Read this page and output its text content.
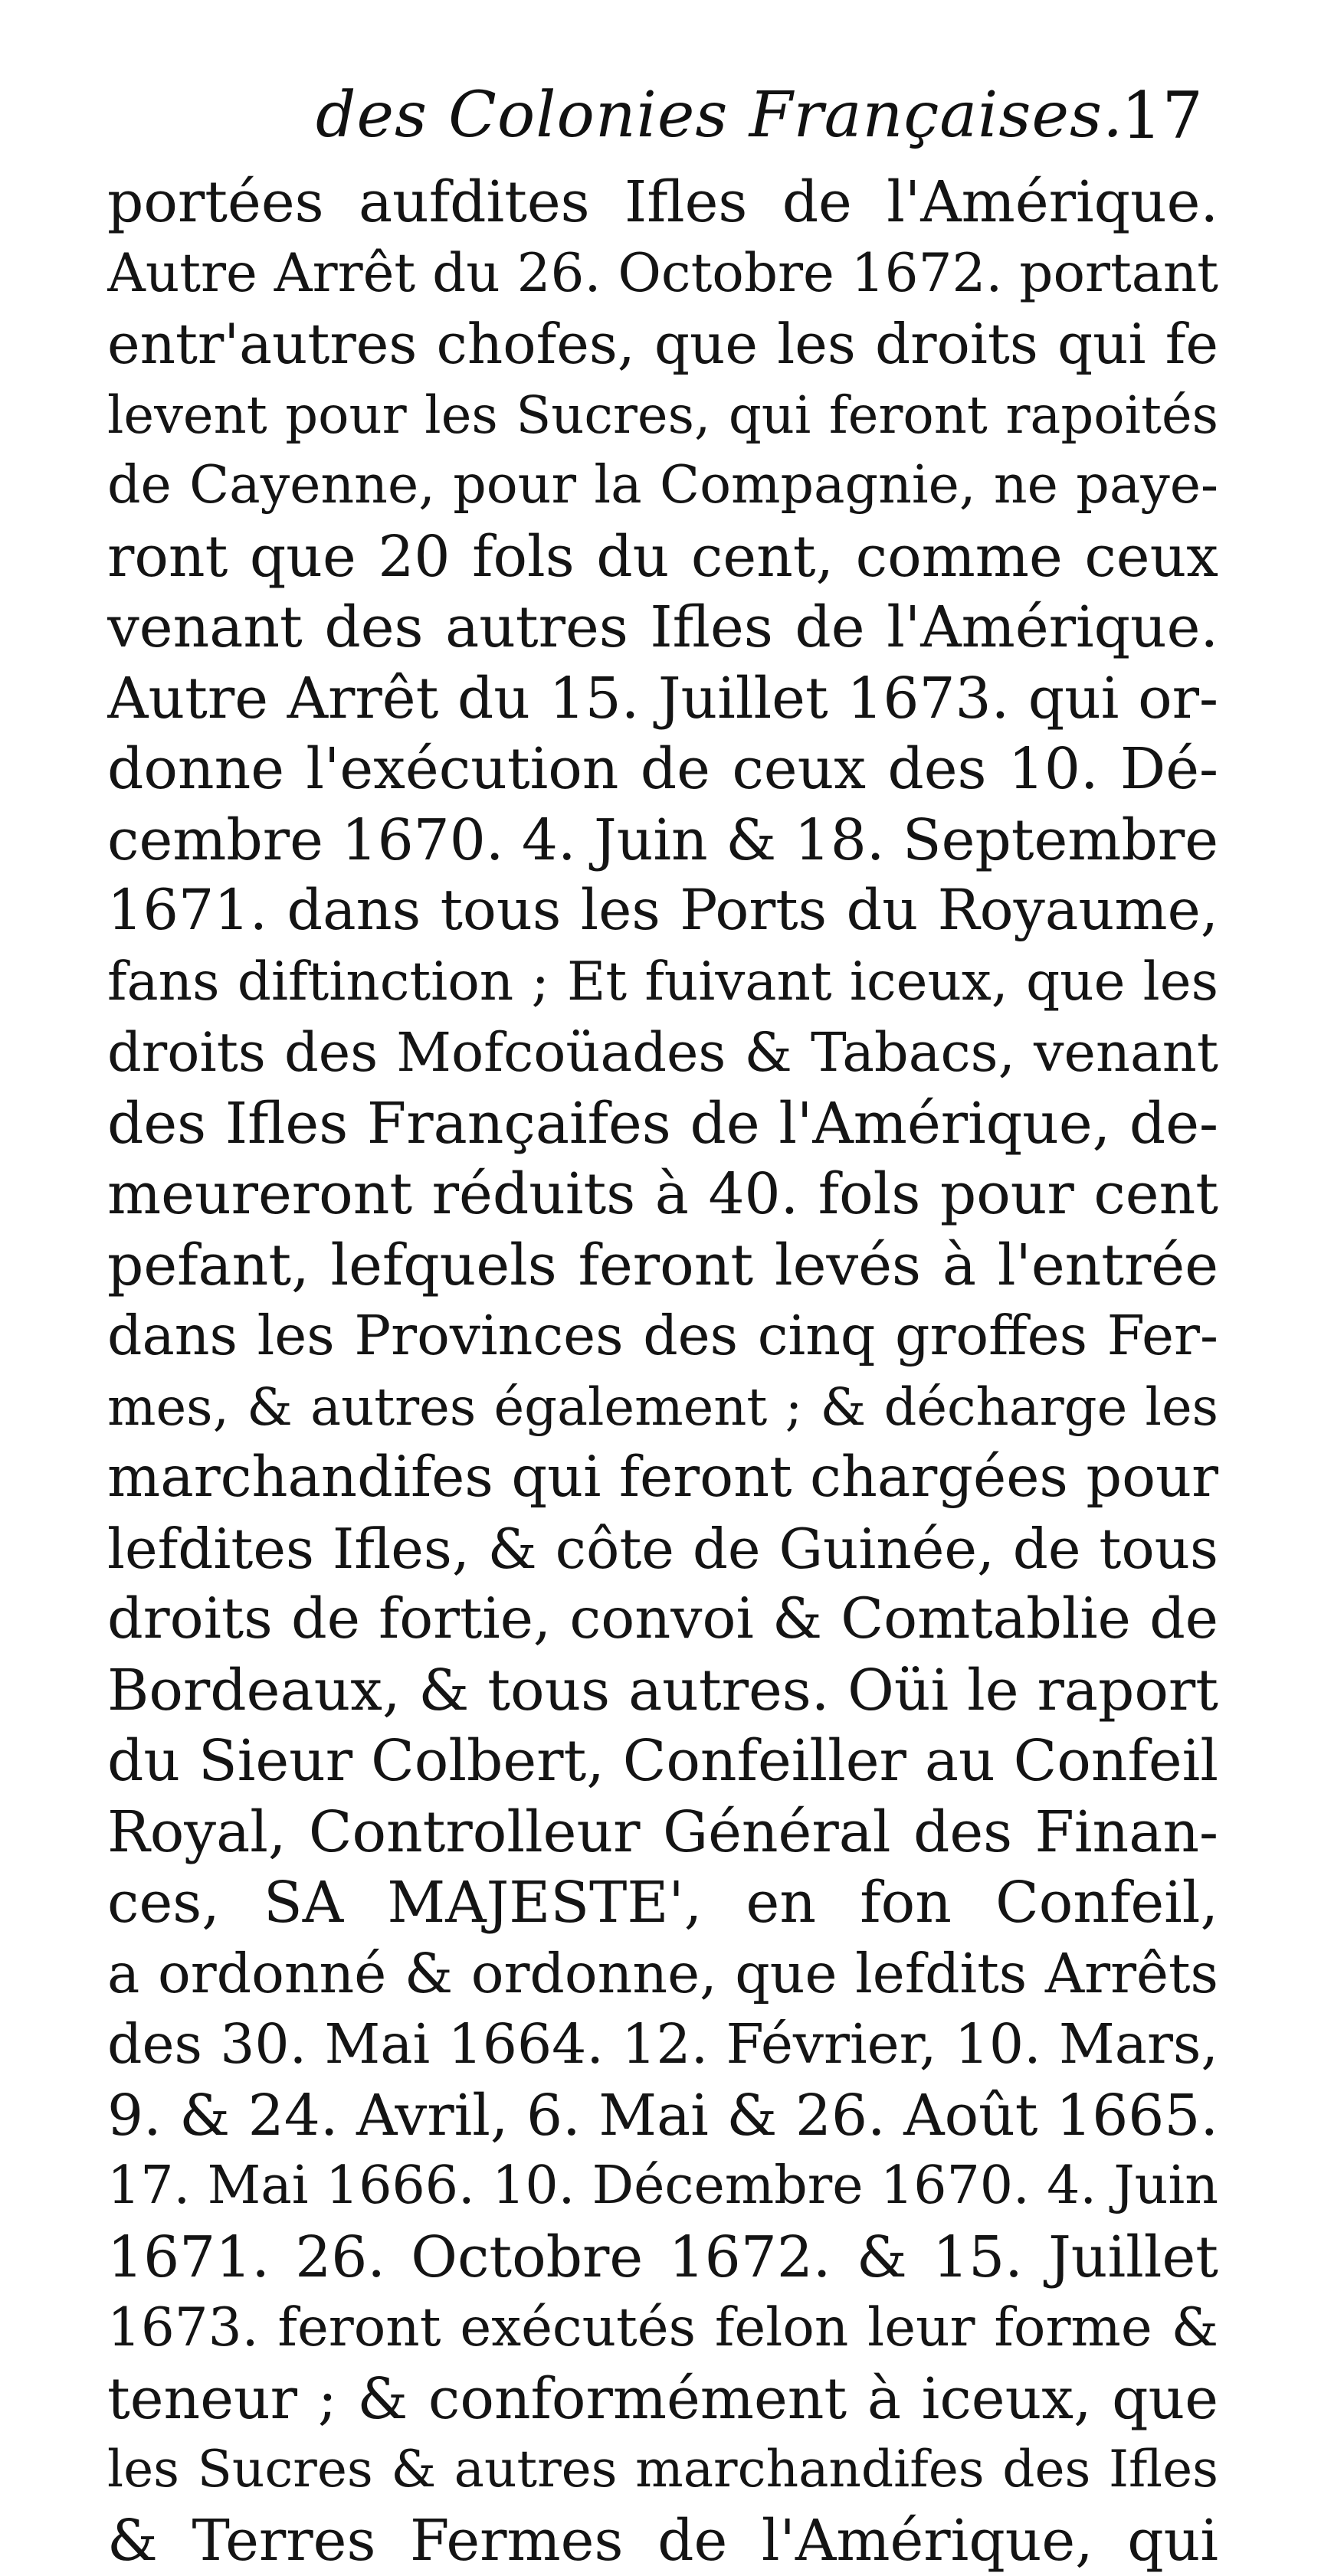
des Colonies Françaises.
17
portées aufdites Ifles de l'Amérique.
Autre Arrêt du 26. Octobre 1672. portant
entr'autres chofes, que les droits qui fe
levent pour les Sucres, qui feront rapoités
de Cayenne, pour la Compagnie, ne paye-
ront que 20 fols du cent, comme ceux
venant des autres Ifles de l'Amérique.
Autre Arrêt du 15. Juillet 1673. qui or-
donne l'exécution de ceux des 10. Dé-
cembre 1670. 4. Juin & 18. Septembre
1671. dans tous les Ports du Royaume,
fans diftinction ; Et fuivant iceux, que les
droits des Mofcoüades & Tabacs, venant
des Ifles Françaifes de l'Amérique, de-
meureront réduits à 40. fols pour cent
pefant, lefquels feront levés à l'entrée
dans les Provinces des cinq groffes Fer-
mes, & autres également ; & décharge les
marchandifes qui feront chargées pour
lefdites Ifles, & côte de Guinée, de tous
droits de fortie, convoi & Comtablie de
Bordeaux, & tous autres. Oüi le raport
du Sieur Colbert, Confeiller au Confeil
Royal, Controlleur Général des Finan-
ces, SA MAJESTE', en fon Confeil,
a ordonné & ordonne, que lefdits Arrêts
des 30. Mai 1664. 12. Février, 10. Mars,
9. & 24. Avril, 6. Mai & 26. Août 1665.
17. Mai 1666. 10. Décembre 1670. 4. Juin
1671. 26. Octobre 1672. & 15. Juillet
1673. feront exécutés felon leur forme &
teneur ; & conformément à iceux, que
les Sucres & autres marchandifes des Ifles
& Terres Fermes de l'Amérique, qui
